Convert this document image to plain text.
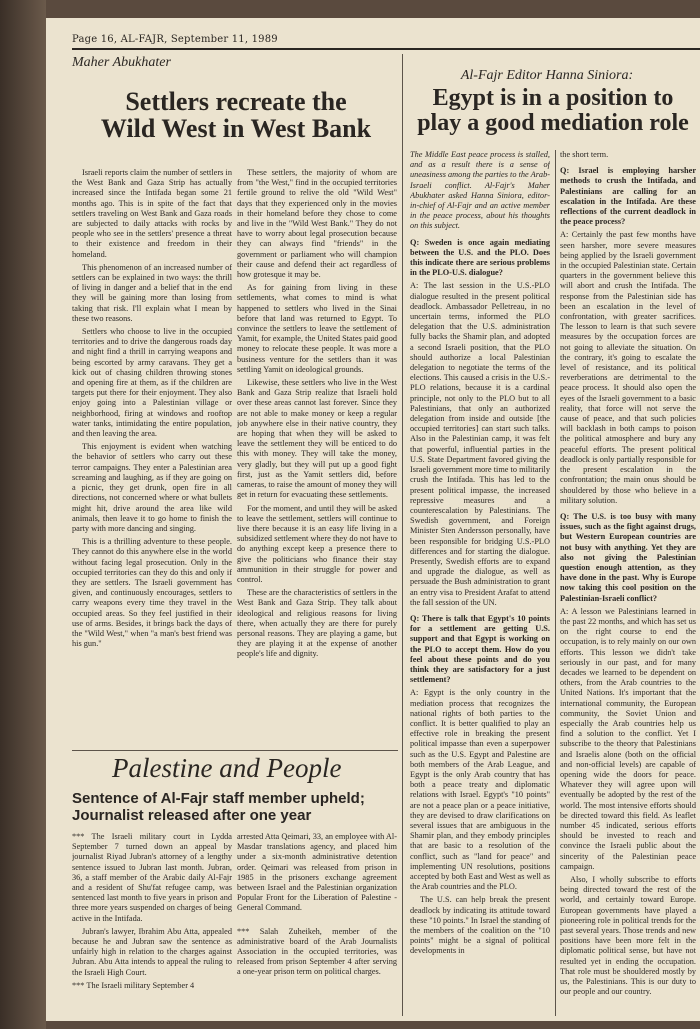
Page 16, AL-FAJR, September 11, 1989
Maher Abukhater
Settlers recreate the
Wild West in West Bank

Israeli reports claim the number of settlers in the West Bank and Gaza Strip has actually increased since the Intifada began some 21 months ago. This is in spite of the fact that settlers traveling on West Bank and Gaza roads are subjected to daily attacks with rocks by people who see in the settlers' presence a threat to their existence and freedom in their homeland.

This phenomenon of an increased number of settlers can be explained in two ways: the thrill of living in danger and a belief that in the end they will be gaining more than losing from taking that risk. I'll explain what I mean by these two reasons.

Settlers who choose to live in the occupied territories and to drive the dangerous roads day and night find a thrill in carrying weapons and being escorted by army caravans. They get a kick out of chasing children throwing stones and opening fire at them, as if the children are targets put there for their enjoyment. They also enjoy going into a Palestinian village or neighborhood, firing at windows and rooftop water tanks, intimidating the entire population, and then leaving the area.

This enjoyment is evident when watching the behavior of settlers who carry out these terror campaigns. They enter a Palestinian area screaming and laughing, as if they are going on a picnic, they get drunk, open fire in all directions, not concerned where or what bullets might hit, drive around the area like wild animals, then leave it to go home to finish the party with more dancing and singing.

This is a thrilling adventure to these people. They cannot do this anywhere else in the world without facing legal prosecution. Only in the occupied territories can they do this and only if they are settlers. The Israeli government has given, and continuously encourages, settlers to carry weapons every time they travel in the occupied areas. So they feel justified in their use of arms. Besides, it brings back the days of the "Wild West," when "a man's best friend was his gun."

These settlers, the majority of whom are from "the West," find in the occupied territories fertile ground to relive the old "Wild West" days that they experienced only in the movies in their homeland before they chose to come and live in the "Wild West Bank." They do not have to worry about legal prosecution because they can always find "friends" in the government or parliament who will champion their cause and defend their act regardless of how grotesque it may be.

As for gaining from living in these settlements, what comes to mind is what happened to settlers who lived in the Sinai before that land was returned to Egypt. To convince the settlers to leave the settlement of Yamit, for example, the United States paid good money to relocate these people. It was more a business venture for the settlers than it was settling Yamit on ideological grounds.

Likewise, these settlers who live in the West Bank and Gaza Strip realize that Israeli hold over these areas cannot last forever. Since they are not able to make money or keep a regular job anywhere else in their native country, they are hoping that when they will be asked to leave the settlement they will be enticed to do this with money. They will take the money, very gladly, but they will put up a good fight first, just as the Yamit settlers did, before cameras, to raise the amount of money they will get in return for evacuating these settlements.

For the moment, and until they will be asked to leave the settlement, settlers will continue to live there because it is an easy life living in a subsidized settlement where they do not have to do anything except keep a presence there to give the politicians who finance their stay ammunition in their struggle for power and control.

These are the characteristics of settlers in the West Bank and Gaza Strip. They talk about ideological and religious reasons for living there, when actually they are there for purely personal reasons. They are playing a game, but they are playing it at the expense of another people's life and dignity.

Palestine and People
Sentence of Al-Fajr staff member upheld;
Journalist released after one year

*** The Israeli military court in Lydda September 7 turned down an appeal by journalist Riyad Jubran's attorney of a lengthy sentence issued to Jubran last month. Jubran, 36, a staff member of the Arabic daily Al-Fajr and a resident of Shu'fat refugee camp, was sentenced last month to five years in prison and three more years suspended on charges of being active in the Intifada.

Jubran's lawyer, Ibrahim Abu Atta, appealed because he and Jubran saw the sentence as unfairly high in relation to the charges against Jubran. Abu Atta intends to appeal the ruling to the Israeli High Court.

*** The Israeli military September 4

arrested Atta Qeimari, 33, an employee with Al-Masdar translations agency, and placed him under a six-month administrative detention order. Qeimari was released from prison in 1985 in the prisoners exchange agreement between Israel and the Palestinian organization Popular Front for the Liberation of Palestine - General Command.

*** Salah Zuheikeh, member of the administrative board of the Arab Journalists Association in the occupied territories, was released from prison September 4 after serving a one-year prison term on political charges.

Al-Fajr Editor Hanna Siniora:
Egypt is in a position to
play a good mediation role

The Middle East peace process is stalled, and as a result there is a sense of uneasiness among the parties to the Arab-Israeli conflict. Al-Fajr's Maher Abukhater asked Hanna Siniora, editor-in-chief of Al-Fajr and an active member in the peace process, about his thoughts on this subject.

Q: Sweden is once again mediating between the U.S. and the PLO. Does this indicate there are serious problems in the PLO-U.S. dialogue?

A: The last session in the U.S.-PLO dialogue resulted in the present political deadlock. Ambassador Pelletreau, in no uncertain terms, informed the PLO delegation that the U.S. administration fully backs the Shamir plan, and adopted a second Israeli position, that the PLO should authorize a local Palestinian delegation to negotiate the terms of the elections. This caused a crisis in the U.S.-PLO relations, because it is a cardinal principle, not only to the PLO but to all Palestinians, that only an authorized delegation from inside and outside [the occupied territories] can start such talks. Also in the Palestinian camp, it was felt that powerful, influential parties in the U.S. State Department favored giving the Israeli government more time to militarily crush the Intifada. This has led to the present political impasse, the increased repressive measures and a counterescalation by Palestinians. The Swedish government, and Foreign Minister Sten Andersson personally, have been responsible for bridging U.S.-PLO differences and for starting the dialogue. Presently, Swedish efforts are to expand and upgrade the dialogue, as well as persuade the Bush administration to grant an entry visa to President Arafat to attend the fall session of the UN.

Q: There is talk that Egypt's 10 points for a settlement are getting U.S. support and that Egypt is working on the PLO to accept them. How do you feel about these points and do you think they are satisfactory for a just settlement?

A: Egypt is the only country in the mediation process that recognizes the national rights of both parties to the conflict. It is better qualified to play an effective role in breaking the present political impasse than even a superpower such as the U.S. Egypt and Palestine are both members of the Arab League, and Egypt is the only Arab country that has both a peace treaty and diplomatic relations with Israel. Egypt's "10 points" are not a peace plan or a peace initiative, they are devised to draw clarifications on several issues that are ambiguous in the Shamir plan, and they embody principles that are basic to a resolution of the conflict, such as "land for peace" and implementing UN resolutions, positions accepted by both East and West as well as the Arab countries and the PLO.

The U.S. can help break the present deadlock by indicating its attitude toward these "10 points." In Israel the standing of the members of the coalition on the "10 points" might be a signal of political developments in

the short term.

Q: Israel is employing harsher methods to crush the Intifada, and Palestinians are calling for an escalation in the Intifada. Are these reflections of the current deadlock in the peace process?

A: Certainly the past few months have seen harsher, more severe measures being applied by the Israeli government in the occupied Palestinian state. Certain quarters in the government believe this will abort and crush the Intifada. The response from the Palestinian side has been an escalation in the level of confrontation, with greater sacrifices. The lesson to learn is that such severe measures by the occupation forces are not going to alleviate the situation. On the contrary, it's going to escalate the level of resistance, and its political reverberations are detrimental to the peace process. It should also open the eyes of the Israeli government to a basic reality, that force will not serve the cause of peace, and that such policies will backlash in both camps to poison the political atmosphere and bury any peaceful efforts. The present political deadlock is only partially responsible for the present escalation in the confrontation; the main onus should be shouldered by those who believe in a military solution.

Q: The U.S. is too busy with many issues, such as the fight against drugs, but Western European countries are not busy with anything. Yet they are also not giving the Palestinian question enough attention, as they have done in the past. Why is Europe now taking this cool position on the Palestinian-Israeli conflict?

A: A lesson we Palestinians learned in the past 22 months, and which has set us on the right course to end the occupation, is to rely mainly on our own efforts. This lesson we didn't take seriously in our past, and for many decades we learned to be dependent on others, from the Arab countries to the United Nations. It's important that the international community, the European community, the Soviet Union and especially the Arab countries help us find a solution to the conflict. Yet I subscribe to the theory that Palestinians and Israelis alone (both on the official and non-official levels) are capable of opening wide the doors for peace. Whatever they will agree upon will eventually be adopted by the rest of the world. The most intensive efforts should be directed toward this field. As leaflet number 45 indicated, serious efforts should be invested to reach and convince the Israeli public about the sincerity of the Palestinian peace campaign.

Also, I wholly subscribe to efforts being directed toward the rest of the world, and certainly toward Europe. European governments have played a pioneering role in political trends for the past several years. Those trends and new positions have been more felt in the diplomatic political sense, but have not resulted yet in ending the occupation. That role must be shouldered mostly by us, the Palestinians. This is our duty to our people and our country.
